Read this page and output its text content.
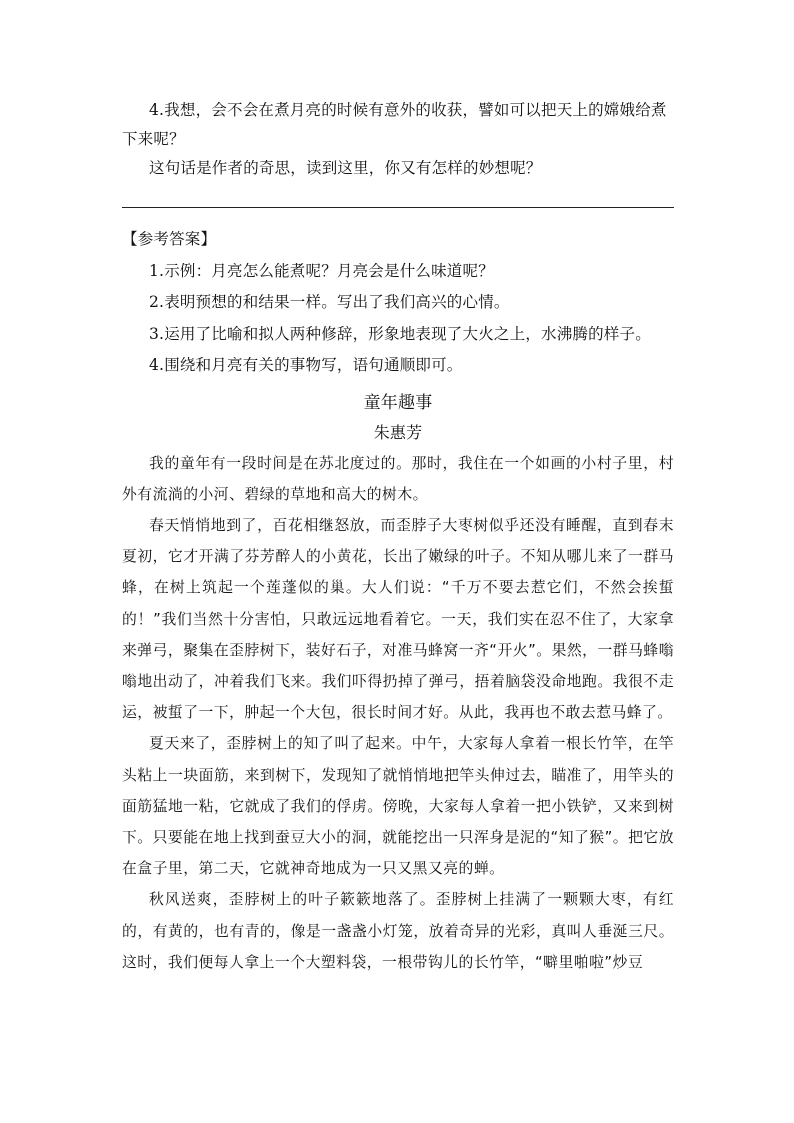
4.我想，会不会在煮月亮的时候有意外的收获，譬如可以把天上的嫦娥给煮下来呢？

这句话是作者的奇思，读到这里，你又有怎样的妙想呢？

【参考答案】

1.示例：月亮怎么能煮呢？月亮会是什么味道呢？

2.表明预想的和结果一样。写出了我们高兴的心情。

3.运用了比喻和拟人两种修辞，形象地表现了大火之上，水沸腾的样子。

4.围绕和月亮有关的事物写，语句通顺即可。

童年趣事

朱惠芳

我的童年有一段时间是在苏北度过的。那时，我住在一个如画的小村子里，村外有流淌的小河、碧绿的草地和高大的树木。

春天悄悄地到了，百花相继怒放，而歪脖子大枣树似乎还没有睡醒，直到春末夏初，它才开满了芬芳醉人的小黄花，长出了嫩绿的叶子。不知从哪儿来了一群马蜂，在树上筑起一个莲蓬似的巢。大人们说：“千万不要去惹它们，不然会挨蜇的！”我们当然十分害怕，只敢远远地看着它。一天，我们实在忍不住了，大家拿来弹弓，聚集在歪脖树下，装好石子，对准马蜂窝一齐“开火”。果然，一群马蜂嗡嗡地出动了，冲着我们飞来。我们吓得扔掉了弹弓，捂着脑袋没命地跑。我很不走运，被蜇了一下，肿起一个大包，很长时间才好。从此，我再也不敢去惹马蜂了。

夏天来了，歪脖树上的知了叫了起来。中午，大家每人拿着一根长竹竿，在竿头粘上一块面筋，来到树下，发现知了就悄悄地把竿头伸过去，瞄准了，用竿头的面筋猛地一粘，它就成了我们的俘虏。傍晚，大家每人拿着一把小铁铲，又来到树下。只要能在地上找到蚕豆大小的洞，就能挖出一只浑身是泥的“知了猴”。把它放在盒子里，第二天，它就神奇地成为一只又黑又亮的蝉。

秋风送爽，歪脖树上的叶子簌簌地落了。歪脖树上挂满了一颗颗大枣，有红的，有黄的，也有青的，像是一盏盏小灯笼，放着奇异的光彩，真叫人垂涎三尺。这时，我们便每人拿上一个大塑料袋，一根带钩儿的长竹竿，“噼里啪啦”炒豆
